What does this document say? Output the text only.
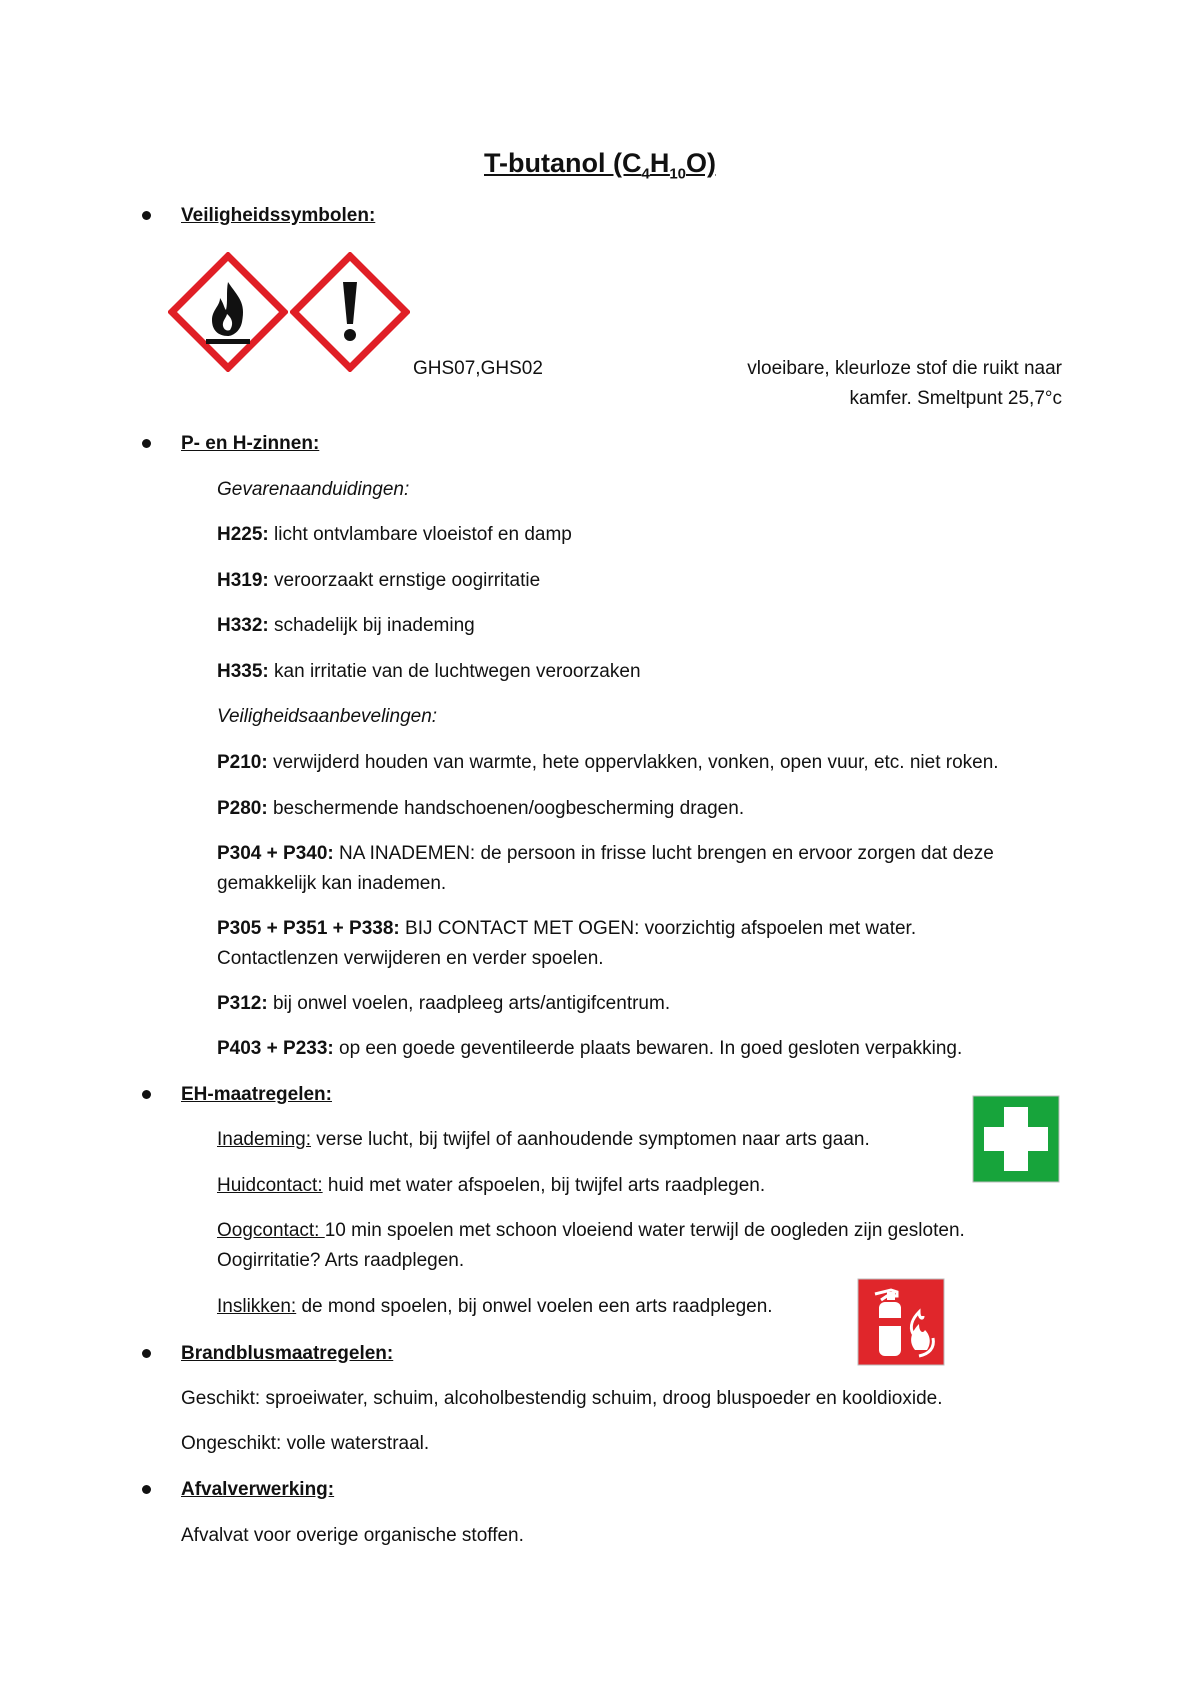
T-butanol $(C_4H_{10}O)$
Veiligheidssymbolen:
GHS07,GHS02	vloeibare, kleurloze stof die ruikt naar
kamfer. Smeltpunt 25,7°c
P- en H-zinnen:
Gevarenaanduidingen:
H225: licht ontvlambare vloeistof en damp
H319: veroorzaakt ernstige oogirritatie
H332: schadelijk bij inademing
H335: kan irritatie van de luchtwegen veroorzaken
Veiligheidsaanbevelingen:
P210: verwijderd houden van warmte, hete oppervlakken, vonken, open vuur, etc. niet roken.
P280: beschermende handschoenen/oogbescherming dragen.
P304 + P340: NA INADEMEN: de persoon in frisse lucht brengen en ervoor zorgen dat deze
gemakkelijk kan inademen.
P305 + P351 + P338: BIJ CONTACT MET OGEN: voorzichtig afspoelen met water.
Contactlenzen verwijderen en verder spoelen.
P312: bij onwel voelen, raadpleeg arts/antigifcentrum.
P403 + P233: op een goede geventileerde plaats bewaren. In goed gesloten verpakking.
EH-maatregelen:
Inademing: verse lucht, bij twijfel of aanhoudende symptomen naar arts gaan.
Huidcontact: huid met water afspoelen, bij twijfel arts raadplegen.
Oogcontact: 10 min spoelen met schoon vloeiend water terwijl de oogleden zijn gesloten.
Oogirritatie? Arts raadplegen.
Inslikken: de mond spoelen, bij onwel voelen een arts raadplegen.
Brandblusmaatregelen:
Geschikt: sproeiwater, schuim, alcoholbestendig schuim, droog bluspoeder en kooldioxide.
Ongeschikt: volle waterstraal.
Afvalverwerking:
Afvalvat voor overige organische stoffen.
